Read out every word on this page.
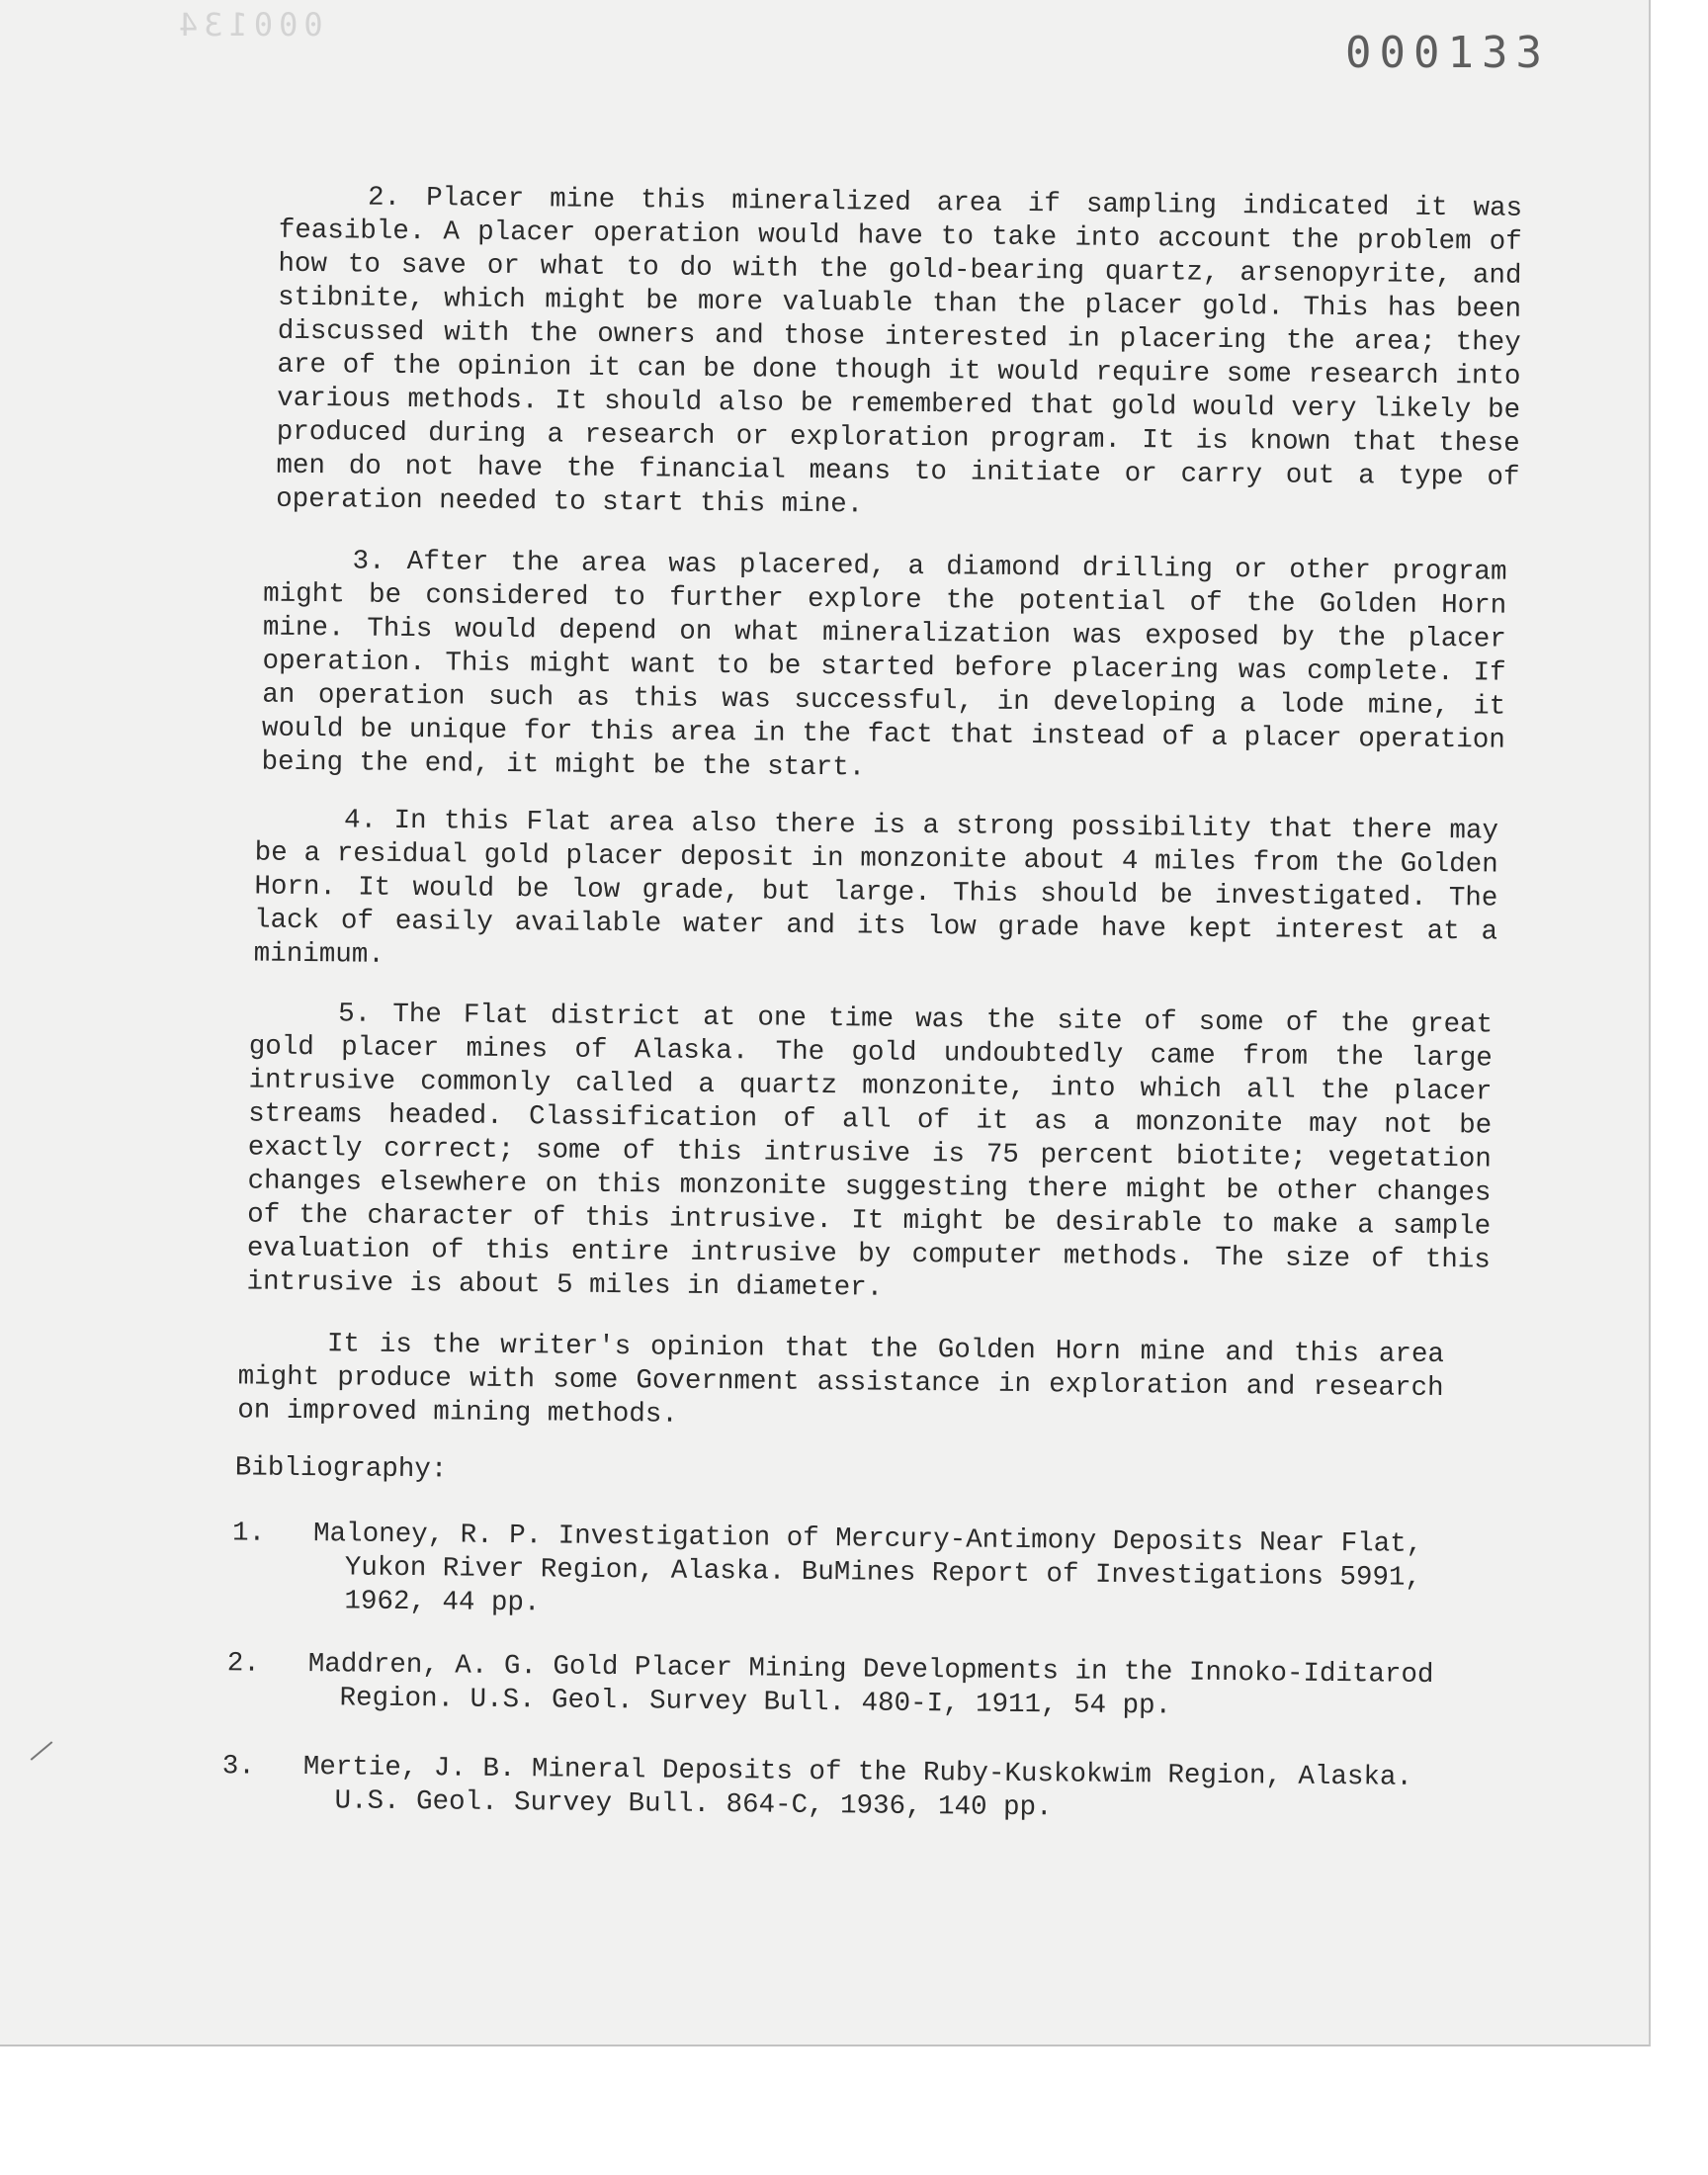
000134
000133

2. Placer mine this mineralized area if sampling indicated it was feasible. A placer operation would have to take into account the problem of how to save or what to do with the gold-bearing quartz, arsenopyrite, and stibnite, which might be more valuable than the placer gold. This has been discussed with the owners and those interested in placering the area; they are of the opinion it can be done though it would require some research into various methods. It should also be remembered that gold would very likely be produced during a research or exploration program. It is known that these men do not have the financial means to initiate or carry out a type of operation needed to start this mine.

3. After the area was placered, a diamond drilling or other program might be considered to further explore the potential of the Golden Horn mine. This would depend on what mineralization was exposed by the placer operation. This might want to be started before placering was complete. If an operation such as this was successful, in developing a lode mine, it would be unique for this area in the fact that instead of a placer operation being the end, it might be the start.

4. In this Flat area also there is a strong possibility that there may be a residual gold placer deposit in monzonite about 4 miles from the Golden Horn. It would be low grade, but large. This should be investigated. The lack of easily available water and its low grade have kept interest at a minimum.

5. The Flat district at one time was the site of some of the great gold placer mines of Alaska. The gold undoubtedly came from the large intrusive commonly called a quartz monzonite, into which all the placer streams headed. Classification of all of it as a monzonite may not be exactly correct; some of this intrusive is 75 percent biotite; vegetation changes elsewhere on this monzonite suggesting there might be other changes of the character of this intrusive. It might be desirable to make a sample evaluation of this entire intrusive by computer methods. The size of this intrusive is about 5 miles in diameter.

It is the writer's opinion that the Golden Horn mine and this area might produce with some Government assistance in exploration and research on improved mining methods.

Bibliography:
1. Maloney, R. P. Investigation of Mercury-Antimony Deposits Near Flat,
Yukon River Region, Alaska. BuMines Report of Investigations 5991, 1962, 44 pp.
2. Maddren, A. G. Gold Placer Mining Developments in the Innoko-Iditarod
Region. U.S. Geol. Survey Bull. 480-I, 1911, 54 pp.
3. Mertie, J. B. Mineral Deposits of the Ruby-Kuskokwim Region, Alaska.
U.S. Geol. Survey Bull. 864-C, 1936, 140 pp.
